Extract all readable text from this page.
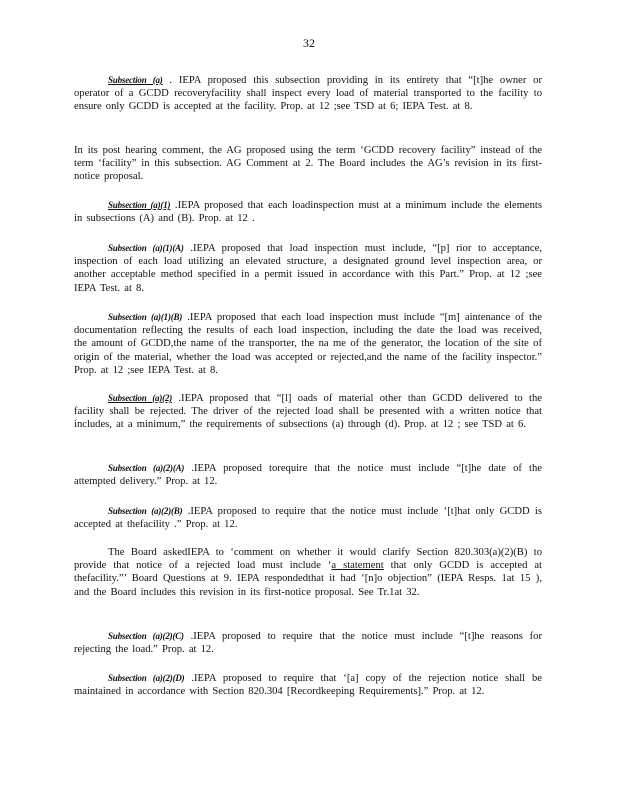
32
Subsection (a) . IEPA proposed this subsection providing in its entirety that “[t]he owner or operator of a GCDD recoveryfacility shall inspect every load of material transported to the facility to ensure only GCDD is accepted at the facility. Prop. at 12 ;see TSD at 6; IEPA Test. at 8.
In its post hearing comment, the AG proposed using the term ‘GCDD recovery facility” instead of the term ‘facility” in this subsection. AG Comment at 2. The Board includes the AG’s revision in its first-notice proposal.
Subsection (a)(1) .IEPA proposed that each loadinspection must at a minimum include the elements in subsections (A) and (B). Prop. at 12 .
Subsection (a)(1)(A) .IEPA proposed that load inspection must include, “[p] rior to acceptance, inspection of each load utilizing an elevated structure, a designated ground level inspection area, or another acceptable method specified in a permit issued in accordance with this Part.” Prop. at 12 ;see IEPA Test. at 8.
Subsection (a)(1)(B) .IEPA proposed that each load inspection must include “[m] aintenance of the documentation reflecting the results of each load inspection, including the date the load was received, the amount of GCDD,the name of the transporter, the na me of the generator, the location of the site of origin of the material, whether the load was accepted or rejected,and the name of the facility inspector.” Prop. at 12 ;see IEPA Test. at 8.
Subsection (a)(2) .IEPA proposed that “[l] oads of material other than GCDD delivered to the facility shall be rejected. The driver of the rejected load shall be presented with a written notice that includes, at a minimum,” the requirements of subsections (a) through (d). Prop. at 12 ; see TSD at 6.
Subsection (a)(2)(A) .IEPA proposed torequire that the notice must include “[t]he date of the attempted delivery.” Prop. at 12.
Subsection (a)(2)(B) .IEPA proposed to require that the notice must include ‘[t]hat only GCDD is accepted at thefacility .” Prop. at 12.
The Board askedIEPA to ‘comment on whether it would clarify Section 820.303(a)(2)(B) to provide that notice of a rejected load must include ‘a statement that only GCDD is accepted at thefacility.”’ Board Questions at 9. IEPA respondedthat it had ‘[n]o objection” (IEPA Resps. 1at 15 ), and the Board includes this revision in its first-notice proposal. See Tr.1at 32.
Subsection (a)(2)(C) .IEPA proposed to require that the notice must include “[t]he reasons for rejecting the load.” Prop. at 12.
Subsection (a)(2)(D) .IEPA proposed to require that ‘[a] copy of the rejection notice shall be maintained in accordance with Section 820.304 [Recordkeeping Requirements].” Prop. at 12.
